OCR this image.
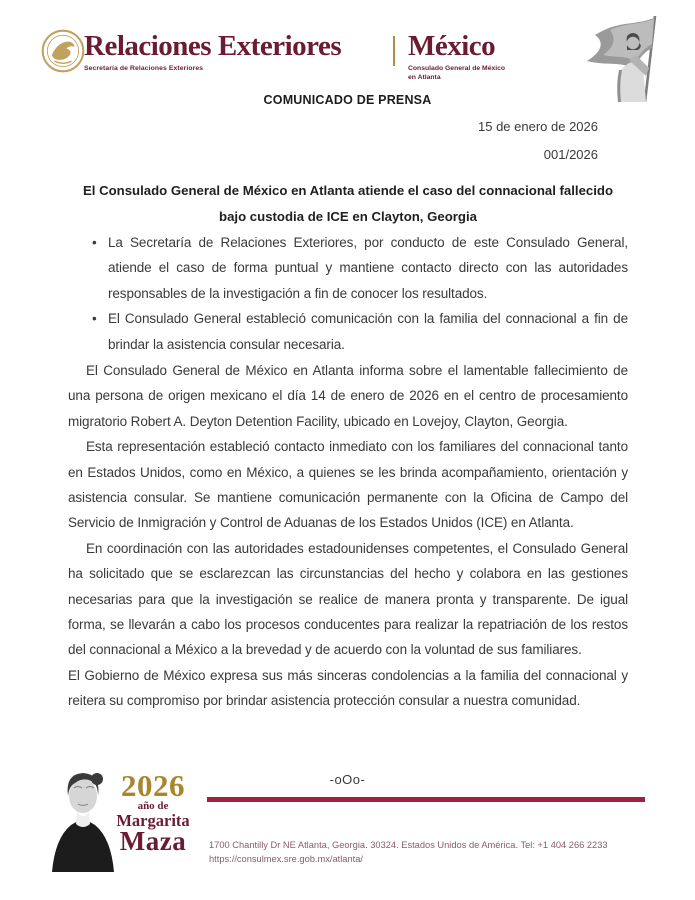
Relaciones Exteriores
Secretaría de Relaciones Exteriores
México
Consulado General de México
en Atlanta
COMUNICADO DE PRENSA
15 de enero de 2026
001/2026
El Consulado General de México en Atlanta atiende el caso del connacional fallecido bajo custodia de ICE en Clayton, Georgia
• La Secretaría de Relaciones Exteriores, por conducto de este Consulado General, atiende el caso de forma puntual y mantiene contacto directo con las autoridades responsables de la investigación a fin de conocer los resultados.
• El Consulado General estableció comunicación con la familia del connacional a fin de brindar la asistencia consular necesaria.

El Consulado General de México en Atlanta informa sobre el lamentable fallecimiento de una persona de origen mexicano el día 14 de enero de 2026 en el centro de procesamiento migratorio Robert A. Deyton Detention Facility, ubicado en Lovejoy, Clayton, Georgia.

Esta representación estableció contacto inmediato con los familiares del connacional tanto en Estados Unidos, como en México, a quienes se les brinda acompañamiento, orientación y asistencia consular. Se mantiene comunicación permanente con la Oficina de Campo del Servicio de Inmigración y Control de Aduanas de los Estados Unidos (ICE) en Atlanta.

En coordinación con las autoridades estadounidenses competentes, el Consulado General ha solicitado que se esclarezcan las circunstancias del hecho y colabora en las gestiones necesarias para que la investigación se realice de manera pronta y transparente. De igual forma, se llevarán a cabo los procesos conducentes para realizar la repatriación de los restos del connacional a México a la brevedad y de acuerdo con la voluntad de sus familiares.

El Gobierno de México expresa sus más sinceras condolencias a la familia del connacional y reitera su compromiso por brindar asistencia protección consular a nuestra comunidad.

-oOo-
2026
año de
Margarita
Maza	1700 Chantilly Dr NE Atlanta, Georgia. 30324. Estados Unidos de América. Tel: +1 404 266 2233
https://consulmex.sre.gob.mx/atlanta/
